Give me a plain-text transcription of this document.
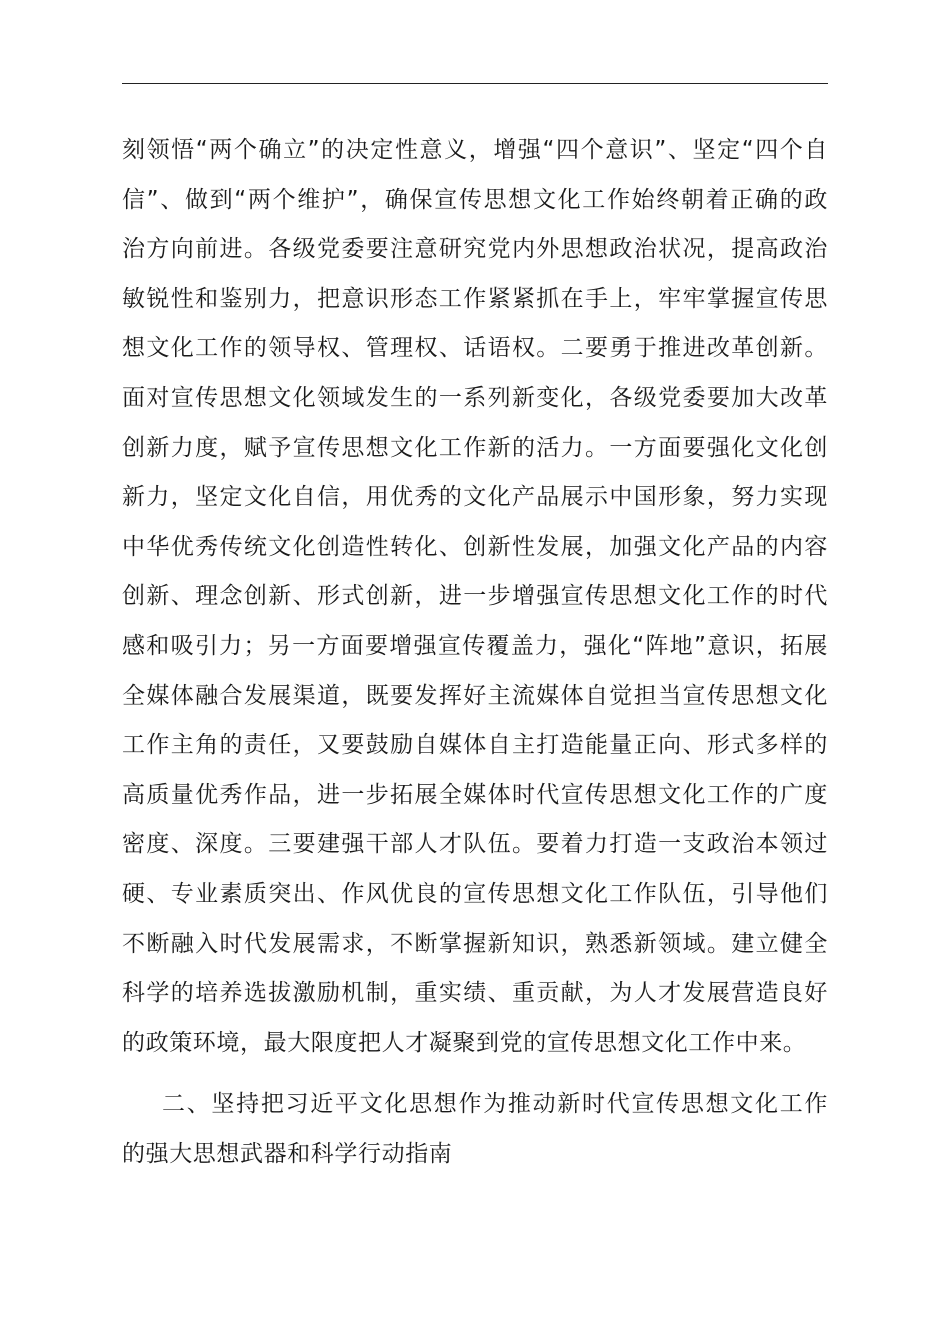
刻领悟“两个确立”的决定性意义，增强“四个意识”、坚定“四个自
信”、做到“两个维护”，确保宣传思想文化工作始终朝着正确的政
治方向前进。各级党委要注意研究党内外思想政治状况，提高政治
敏锐性和鉴别力，把意识形态工作紧紧抓在手上，牢牢掌握宣传思
想文化工作的领导权、管理权、话语权。二要勇于推进改革创新。
面对宣传思想文化领域发生的一系列新变化，各级党委要加大改革
创新力度，赋予宣传思想文化工作新的活力。一方面要强化文化创
新力，坚定文化自信，用优秀的文化产品展示中国形象，努力实现
中华优秀传统文化创造性转化、创新性发展，加强文化产品的内容
创新、理念创新、形式创新，进一步增强宣传思想文化工作的时代
感和吸引力；另一方面要增强宣传覆盖力，强化“阵地”意识，拓展
全媒体融合发展渠道，既要发挥好主流媒体自觉担当宣传思想文化
工作主角的责任，又要鼓励自媒体自主打造能量正向、形式多样的
高质量优秀作品，进一步拓展全媒体时代宣传思想文化工作的广度
密度、深度。三要建强干部人才队伍。要着力打造一支政治本领过
硬、专业素质突出、作风优良的宣传思想文化工作队伍，引导他们
不断融入时代发展需求，不断掌握新知识，熟悉新领域。建立健全
科学的培养选拔激励机制，重实绩、重贡献，为人才发展营造良好
的政策环境，最大限度把人才凝聚到党的宣传思想文化工作中来。
二、坚持把习近平文化思想作为推动新时代宣传思想文化工作
的强大思想武器和科学行动指南
